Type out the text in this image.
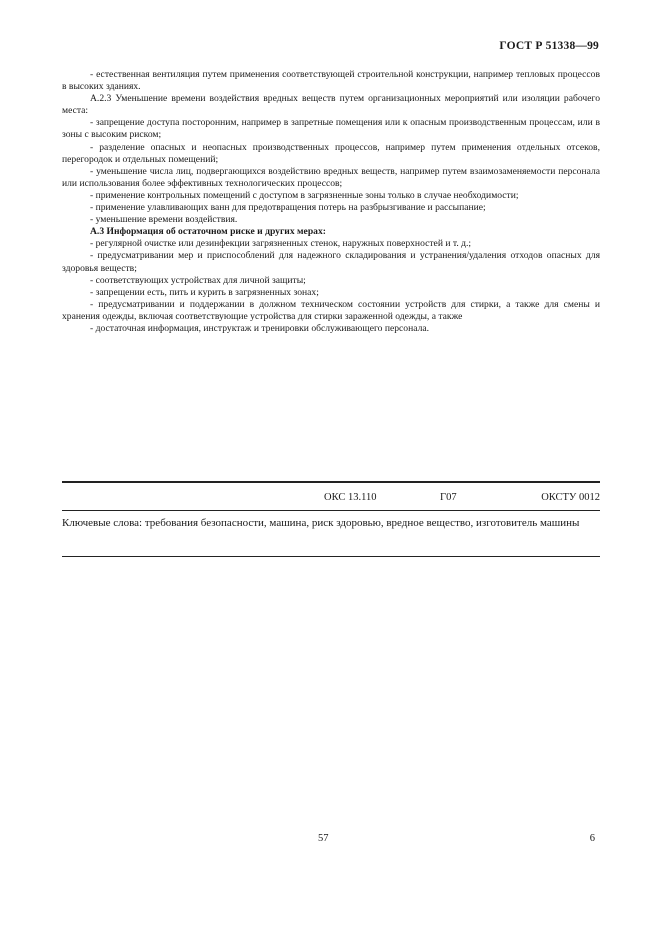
ГОСТ Р 51338—99

- естественная вентиляция путем применения соответствующей строительной конструкции, например тепловых процессов в высоких зданиях.

А.2.3 Уменьшение времени воздействия вредных веществ путем организационных мероприятий или изоляции рабочего места:

- запрещение доступа посторонним, например в запретные помещения или к опасным производственным процессам, или в зоны с высоким риском;

- разделение опасных и неопасных производственных процессов, например путем применения отдельных отсеков, перегородок и отдельных помещений;

- уменьшение числа лиц, подвергающихся воздействию вредных веществ, например путем взаимозаменяемости персонала или использования более эффективных технологических процессов;

- применение контрольных помещений с доступом в загрязненные зоны только в случае необходимости;

- применение улавливающих ванн для предотвращения потерь на разбрызгивание и рассыпание;

- уменьшение времени воздействия.

А.3 Информация об остаточном риске и других мерах:

- регулярной очистке или дезинфекции загрязненных стенок, наружных поверхностей и т. д.;

- предусматривании мер и приспособлений для надежного складирования и устранения/удаления отходов опасных для здоровья веществ;

- соответствующих устройствах для личной защиты;

- запрещении есть, пить и курить в загрязненных зонах;

- предусматривании и поддержании в должном техническом состоянии устройств для стирки, а также для смены и хранения одежды, включая соответствующие устройства для стирки зараженной одежды, а также

- достаточная информация, инструктаж и тренировки обслуживающего персонала.

ОКС 13.110	Г07	ОКСТУ 0012
Ключевые слова: требования безопасности, машина, риск здоровью, вредное вещество, изготовитель машины
57	6
